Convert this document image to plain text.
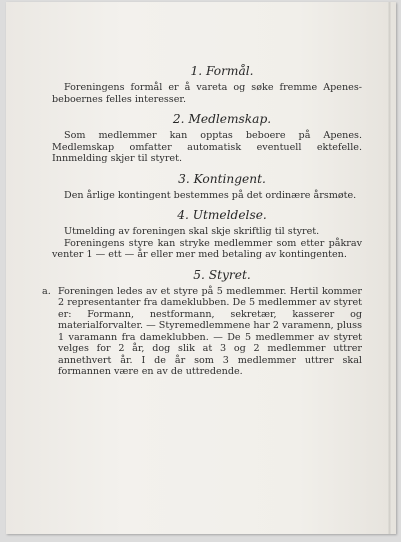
1. Formål.

Foreningens formål er å vareta og søke fremme Apenes-beboernes felles interesser.

2. Medlemskap.

Som medlemmer kan opptas beboere på Apenes. Medlemskap omfatter automatisk eventuell ektefelle. Innmelding skjer til styret.

3. Kontingent.

Den årlige kontingent bestemmes på det ordinære årsmøte.

4. Utmeldelse.

Utmelding av foreningen skal skje skriftlig til styret.

Foreningens styre kan stryke medlemmer som etter påkrav venter 1 — ett — år eller mer med betaling av kontingenten.

5. Styret.

a. Foreningen ledes av et styre på 5 medlemmer. Hertil kommer 2 representanter fra dameklubben. De 5 medlemmer av styret er: Formann, nestformann, sekretær, kasserer og materialforvalter. — Styremedlemmene har 2 varamenn, pluss 1 varamann fra dameklubben. — De 5 medlemmer av styret velges for 2 år, dog slik at 3 og 2 medlemmer uttrer annethvert år. I de år som 3 medlemmer uttrer skal formannen være en av de uttredende.
